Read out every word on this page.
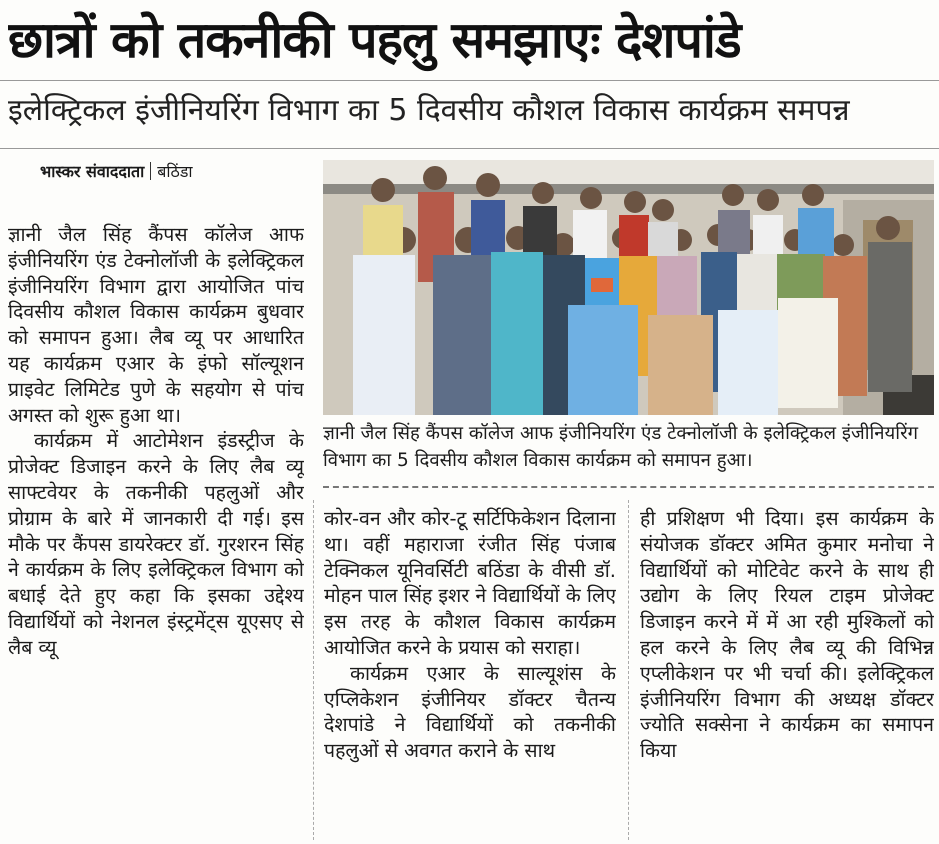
छात्रों को तकनीकी पहलु समझाएः देशपांडे
इलेक्ट्रिकल इंजीनियरिंग विभाग का 5 दिवसीय कौशल विकास कार्यक्रम समपन्न
भास्कर संवाददाता बठिंडा

ज्ञानी जैल सिंह कैंपस कॉलेज आफ इंजीनियरिंग एंड टेक्नोलॉजी के इलेक्ट्रिकल इंजीनियरिंग विभाग द्वारा आयोजित पांच दिवसीय कौशल विकास कार्यक्रम बुधवार को समापन हुआ। लैब व्यू पर आधारित यह कार्यक्रम एआर के इंफो सॉल्यूशन प्राइवेट लिमिटेड पुणे के सहयोग से पांच अगस्त को शुरू हुआ था।

कार्यक्रम में आटोमेशन इंडस्ट्रीज के प्रोजेक्ट डिजाइन करने के लिए लैब व्यू साफ्टवेयर के तकनीकी पहलुओं और प्रोग्राम के बारे में जानकारी दी गई। इस मौके पर कैंपस डायरेक्टर डॉ. गुरशरन सिंह ने कार्यक्रम के लिए इलेक्ट्रिकल विभाग को बधाई देते हुए कहा कि इसका उद्देश्य विद्यार्थियों को नेशनल इंस्ट्रमेंट्स यूएसए से लैब व्यू

ज्ञानी जैल सिंह कैंपस कॉलेज आफ इंजीनियरिंग एंड टेक्नोलॉजी के इलेक्ट्रिकल इंजीनियरिंग विभाग का 5 दिवसीय कौशल विकास कार्यक्रम को समापन हुआ।

कोर-वन और कोर-टू सर्टिफिकेशन दिलाना था। वहीं महाराजा रंजीत सिंह पंजाब टेक्निकल यूनिवर्सिटी बठिंडा के वीसी डॉ. मोहन पाल सिंह इशर ने विद्यार्थियों के लिए इस तरह के कौशल विकास कार्यक्रम आयोजित करने के प्रयास को सराहा।

कार्यक्रम एआर के साल्यूशंस के एप्लिकेशन इंजीनियर डॉक्टर चैतन्य देशपांडे ने विद्यार्थियों को तकनीकी पहलुओं से अवगत कराने के साथ

ही प्रशिक्षण भी दिया। इस कार्यक्रम के संयोजक डॉक्टर अमित कुमार मनोचा ने विद्यार्थियों को मोटिवेट करने के साथ ही उद्योग के लिए रियल टाइम प्रोजेक्ट डिजाइन करने में में आ रही मुश्किलों को हल करने के लिए लैब व्यू की विभिन्न एप्लीकेशन पर भी चर्चा की। इलेक्ट्रिकल इंजीनियरिंग विभाग की अध्यक्ष डॉक्टर ज्योति सक्सेना ने कार्यक्रम का समापन किया
